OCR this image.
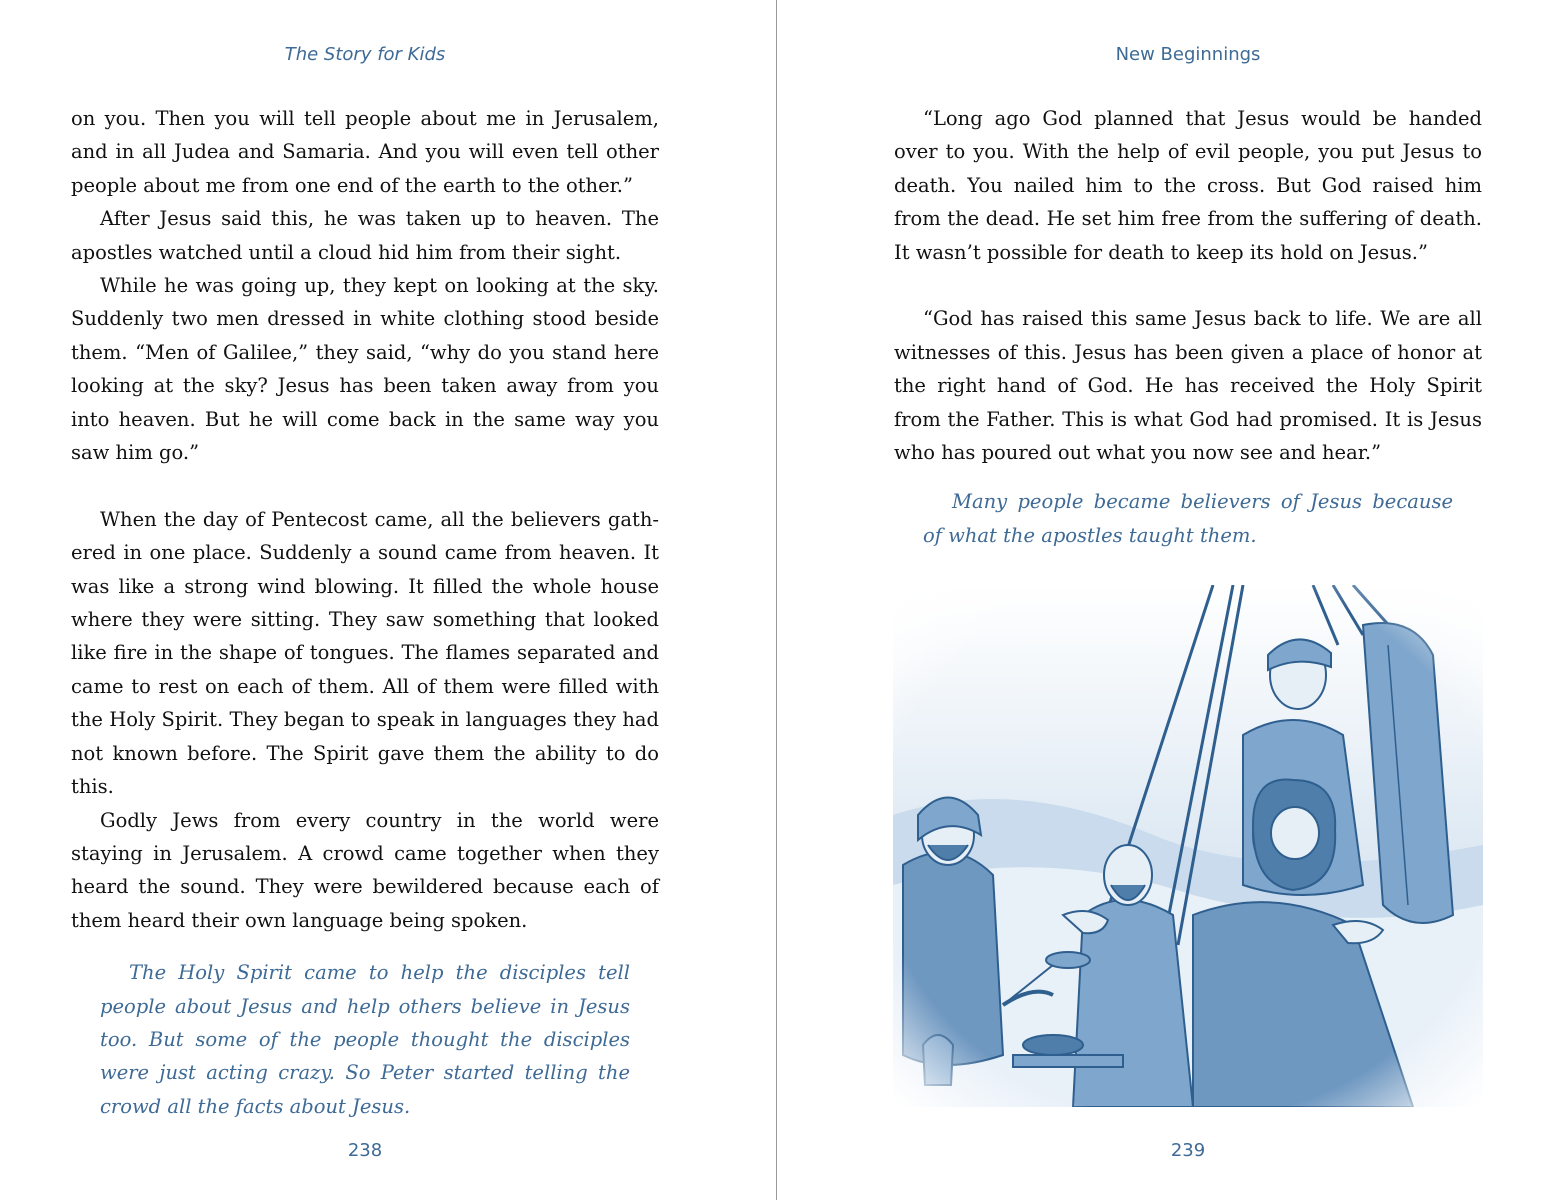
The Story for Kids

on you. Then you will tell people about me in Jerusalem, and in all Judea and Samaria. And you will even tell other people about me from one end of the earth to the other.”

After Jesus said this, he was taken up to heaven. The apostles watched until a cloud hid him from their sight.

While he was going up, they kept on looking at the sky. Suddenly two men dressed in white clothing stood beside them. “Men of Galilee,” they said, “why do you stand here looking at the sky? Jesus has been taken away from you into heaven. But he will come back in the same way you saw him go.”

When the day of Pentecost came, all the believers gathered in one place. Suddenly a sound came from heaven. It was like a strong wind blowing. It filled the whole house where they were sitting. They saw something that looked like fire in the shape of tongues. The flames separated and came to rest on each of them. All of them were filled with the Holy Spirit. They began to speak in languages they had not known before. The Spirit gave them the ability to do this.

Godly Jews from every country in the world were staying in Jerusalem. A crowd came together when they heard the sound. They were bewildered because each of them heard their own language being spoken.

The Holy Spirit came to help the disciples tell people about Jesus and help others believe in Jesus too. But some of the people thought the disciples were just acting crazy. So Peter started telling the crowd all the facts about Jesus.

238
New Beginnings

“Long ago God planned that Jesus would be handed over to you. With the help of evil people, you put Jesus to death. You nailed him to the cross. But God raised him from the dead. He set him free from the suffering of death. It wasn’t possible for death to keep its hold on Jesus.”

“God has raised this same Jesus back to life. We are all witnesses of this. Jesus has been given a place of honor at the right hand of God. He has received the Holy Spirit from the Father. This is what God had promised. It is Jesus who has poured out what you now see and hear.”

Many people became believers of Jesus because of what the apostles taught them.

239
